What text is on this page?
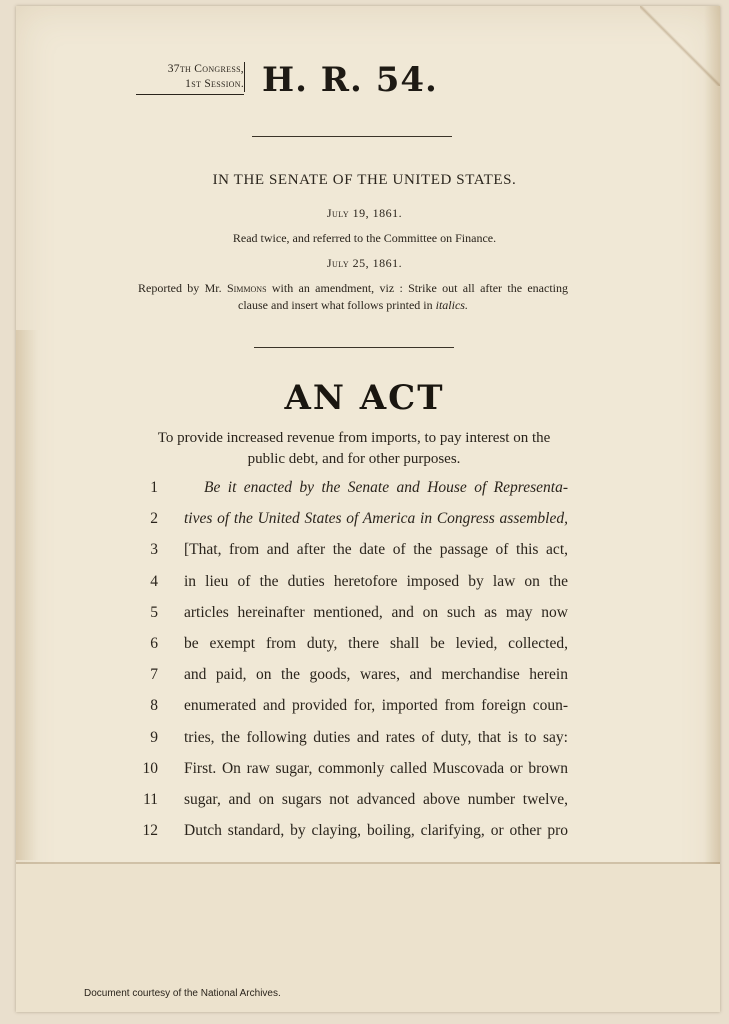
37th Congress,
1st Session. H. R. 54.
IN THE SENATE OF THE UNITED STATES.
July 19, 1861.
Read twice, and referred to the Committee on Finance.
July 25, 1861.
Reported by Mr. Simmons with an amendment, viz : Strike out all after the enacting clause and insert what follows printed in italics.
AN ACT
To provide increased revenue from imports, to pay interest on the public debt, and for other purposes.
1	Be it enacted by the Senate and House of Representa-
2 tives of the United States of America in Congress assembled,
3 [That, from and after the date of the passage of this act,
4 in lieu of the duties heretofore imposed by law on the
5 articles hereinafter mentioned, and on such as may now
6 be exempt from duty, there shall be levied, collected,
7 and paid, on the goods, wares, and merchandise herein
8 enumerated and provided for, imported from foreign coun-
9 tries, the following duties and rates of duty, that is to say:
10 First. On raw sugar, commonly called Muscovada or brown
11 sugar, and on sugars not advanced above number twelve,
12 Dutch standard, by claying, boiling, clarifying, or other pro
Document courtesy of the National Archives.
